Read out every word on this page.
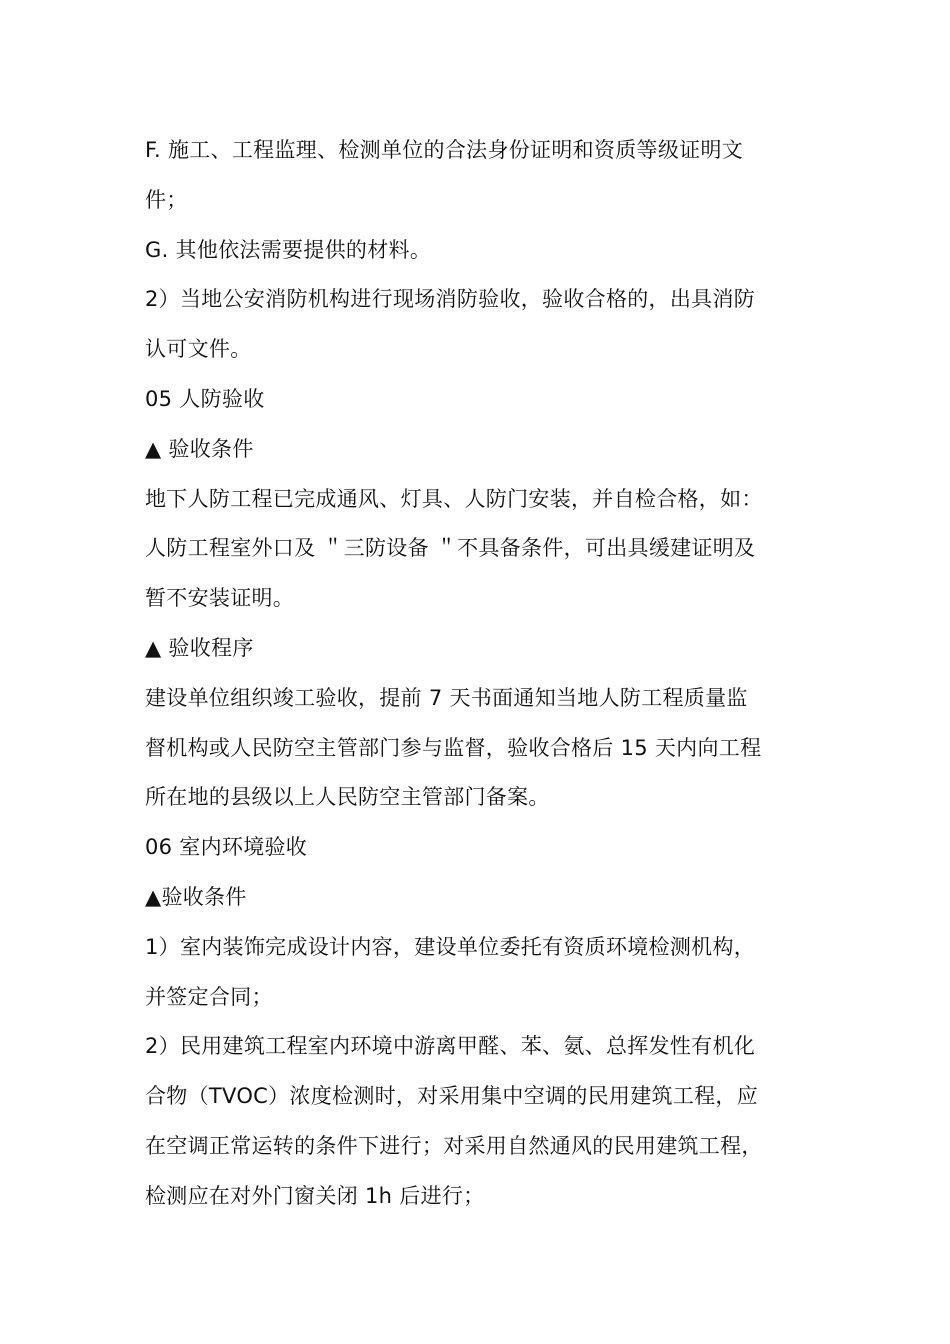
F. 施工、工程监理、检测单位的合法身份证明和资质等级证明文
件；
G. 其他依法需要提供的材料。
2）当地公安消防机构进行现场消防验收，验收合格的，出具消防
认可文件。
05 人防验收
▲ 验收条件
地下人防工程已完成通风、灯具、人防门安装，并自检合格，如：
人防工程室外口及 ＂三防设备 ＂不具备条件，可出具缓建证明及
暂不安装证明。
▲ 验收程序
建设单位组织竣工验收，提前 7 天书面通知当地人防工程质量监
督机构或人民防空主管部门参与监督，验收合格后 15 天内向工程
所在地的县级以上人民防空主管部门备案。
06 室内环境验收
▲验收条件
1）室内装饰完成设计内容，建设单位委托有资质环境检测机构，
并签定合同；
2）民用建筑工程室内环境中游离甲醛、苯、氨、总挥发性有机化
合物（TVOC）浓度检测时，对采用集中空调的民用建筑工程，应
在空调正常运转的条件下进行；对采用自然通风的民用建筑工程，
检测应在对外门窗关闭 1h 后进行；
